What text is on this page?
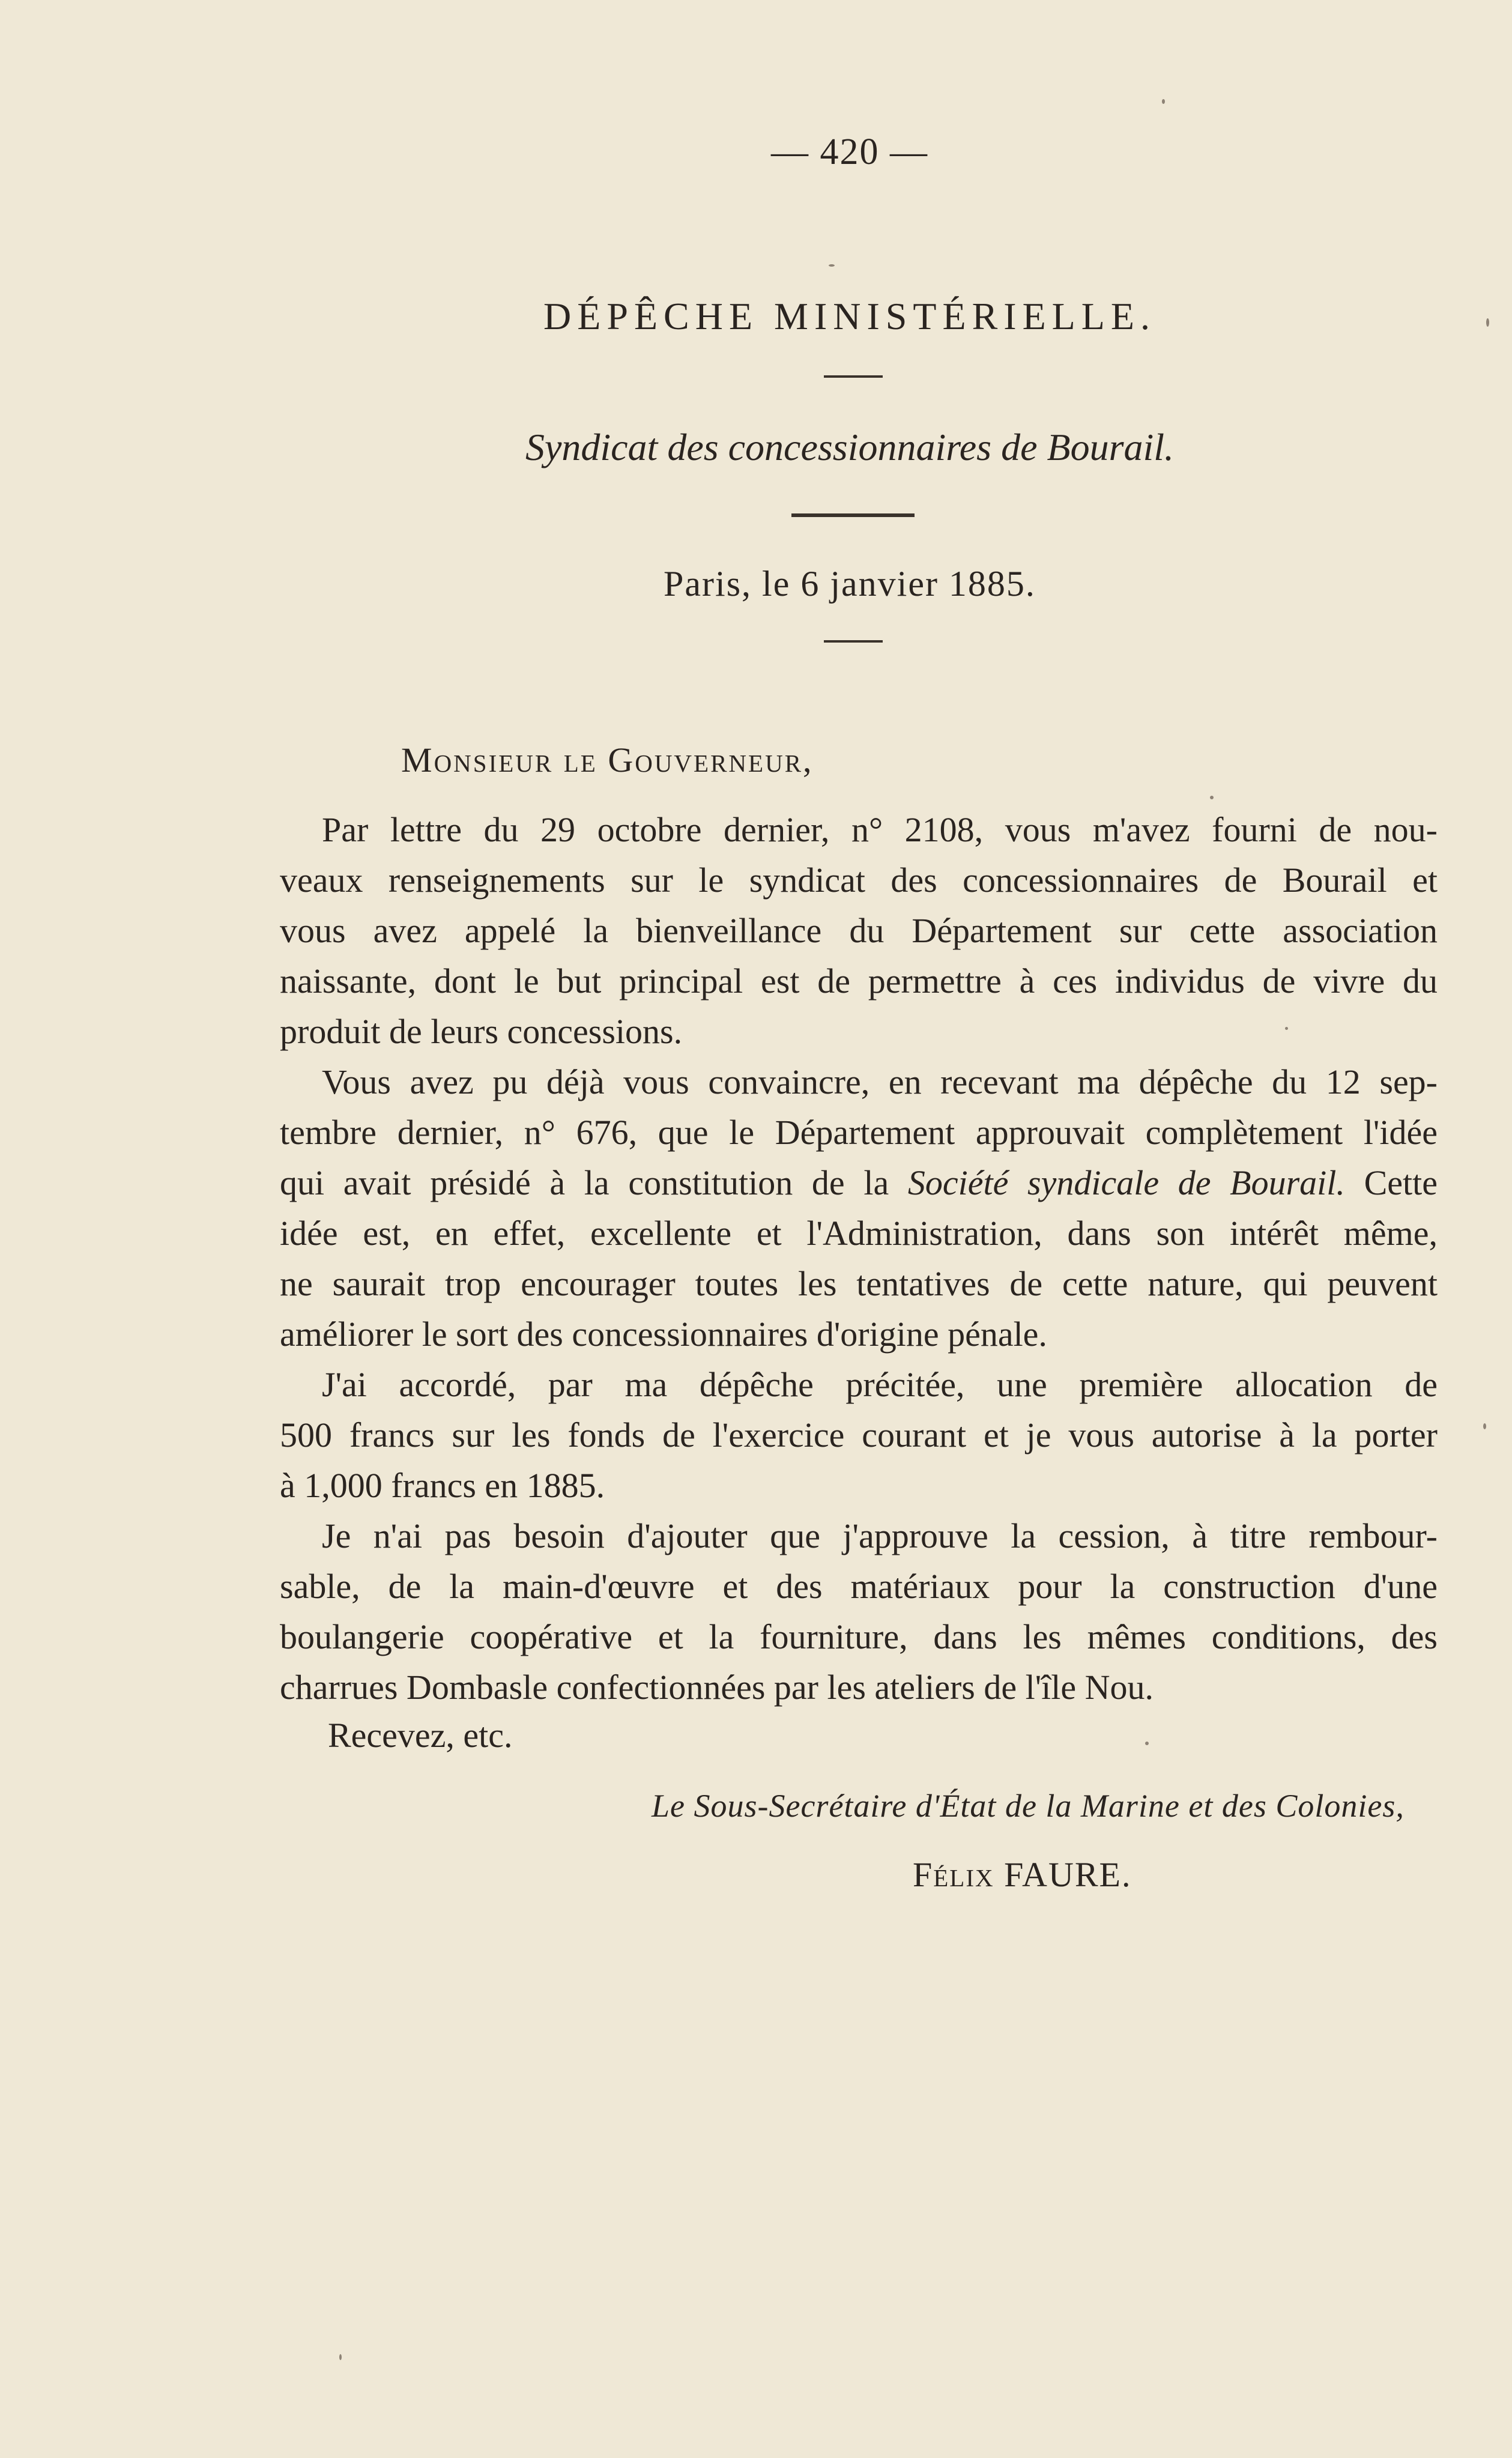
— 420 —
DÉPÊCHE MINISTÉRIELLE.
Syndicat des concessionnaires de Bourail.
Paris, le 6 janvier 1885.
Monsieur le Gouverneur,
Par lettre du 29 octobre dernier, n° 2108, vous m'avez fourni de nou-
veaux renseignements sur le syndicat des concessionnaires de Bourail et
vous avez appelé la bienveillance du Département sur cette association
naissante, dont le but principal est de permettre à ces individus de vivre du
produit de leurs concessions.
Vous avez pu déjà vous convaincre, en recevant ma dépêche du 12 sep-
tembre dernier, n° 676, que le Département approuvait complètement l'idée
qui avait présidé à la constitution de la Société syndicale de Bourail. Cette
idée est, en effet, excellente et l'Administration, dans son intérêt même,
ne saurait trop encourager toutes les tentatives de cette nature, qui peuvent
améliorer le sort des concessionnaires d'origine pénale.
J'ai accordé, par ma dépêche précitée, une première allocation de
500 francs sur les fonds de l'exercice courant et je vous autorise à la porter
à 1,000 francs en 1885.
Je n'ai pas besoin d'ajouter que j'approuve la cession, à titre rembour-
sable, de la main-d'œuvre et des matériaux pour la construction d'une
boulangerie coopérative et la fourniture, dans les mêmes conditions, des
charrues Dombasle confectionnées par les ateliers de l'île Nou.
Recevez, etc.
Le Sous-Secrétaire d'État de la Marine et des Colonies,
Félix FAURE.
